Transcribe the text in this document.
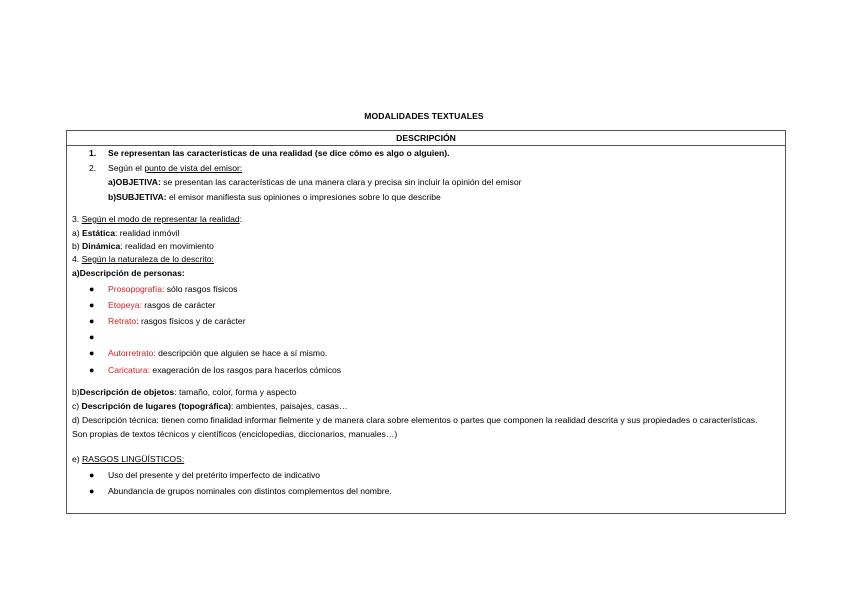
MODALIDADES TEXTUALES
DESCRIPCIÓN
1. Se representan las características de una realidad (se dice cómo es algo o alguien).
2. Según el punto de vista del emisor:
a)OBJETIVA: se presentan las características de una manera clara y precisa sin incluir la opinión del emisor
b)SUBJETIVA: el emisor manifiesta sus opiniones o impresiones sobre lo que describe
3. Según el modo de representar la realidad:
a) Estática: realidad inmóvil
b) Dinámica: realidad en movimiento
4. Según la naturaleza de lo descrito:
a)Descripción de personas:
● Prosopografía: sólo rasgos físicos
● Etopeya: rasgos de carácter
● Retrato: rasgos físicos y de carácter
●
● Autorretrato: descripción que alguien se hace a sí mismo.
● Caricatura: exageración de los rasgos para hacerlos cómicos
b)Descripción de objetos: tamaño, color, forma y aspecto
c) Descripción de lugares (topográfica): ambientes, paisajes, casas…
d) Descripción técnica: tienen como finalidad informar fielmente y de manera clara sobre elementos o partes que componen la realidad descrita y sus propiedades o características. Son propias de textos técnicos y científicos (enciclopedias, diccionarios, manuales…)
e) RASGOS LINGÜÍSTICOS:
● Uso del presente y del pretérito imperfecto de indicativo
● Abundancia de grupos nominales con distintos complementos del nombre.
